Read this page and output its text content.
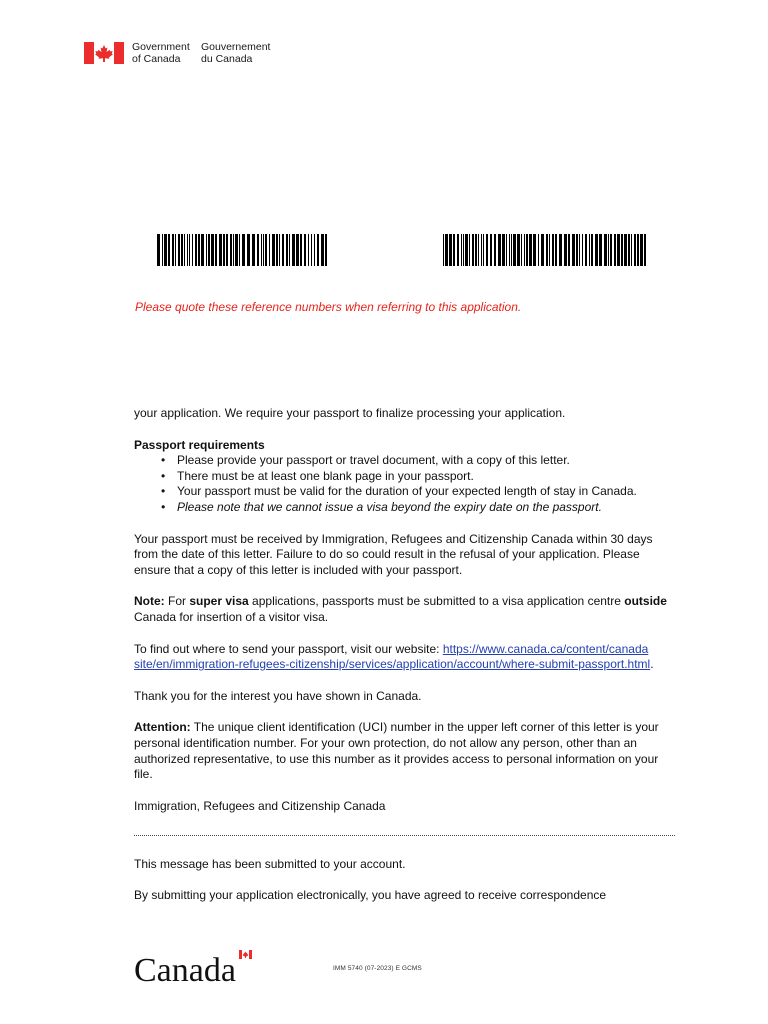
Government
of Canada
Gouvernement
du Canada
Please quote these reference numbers when referring to this application.

your application. We require your passport to finalize processing your application.

Passport requirements
• Please provide your passport or travel document, with a copy of this letter.
• There must be at least one blank page in your passport.
• Your passport must be valid for the duration of your expected length of stay in Canada.
• Please note that we cannot issue a visa beyond the expiry date on the passport.

Your passport must be received by Immigration, Refugees and Citizenship Canada within 30 days from the date of this letter. Failure to do so could result in the refusal of your application. Please ensure that a copy of this letter is included with your passport.

Note: For super visa applications, passports must be submitted to a visa application centre outside Canada for insertion of a visitor visa.

To find out where to send your passport, visit our website: https://www.canada.ca/content/canada
site/en/immigration-refugees-citizenship/services/application/account/where-submit-passport.html.

Thank you for the interest you have shown in Canada.

Attention: The unique client identification (UCI) number in the upper left corner of this letter is your personal identification number. For your own protection, do not allow any person, other than an authorized representative, to use this number as it provides access to personal information on your file.

Immigration, Refugees and Citizenship Canada

This message has been submitted to your account.
By submitting your application electronically, you have agreed to receive correspondence
Canada	IMM 5740 (07-2023) E GCMS
